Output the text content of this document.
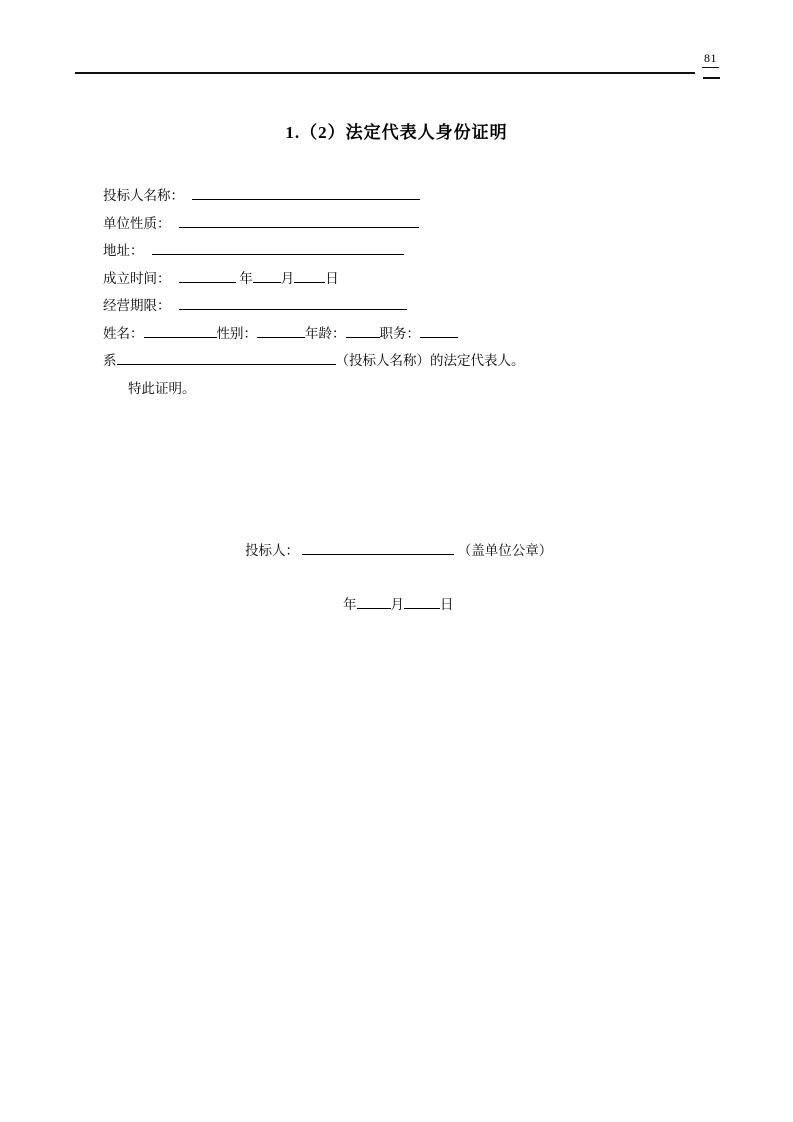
81
1.（2）法定代表人身份证明
投标人名称：
单位性质：
地址：
成立时间：	年 月 日
经营期限：
姓名：	性别：	年龄：	职务：
系	（投标人名称）的法定代表人。
特此证明。
投标人：	（盖单位公章）
年	月	日
